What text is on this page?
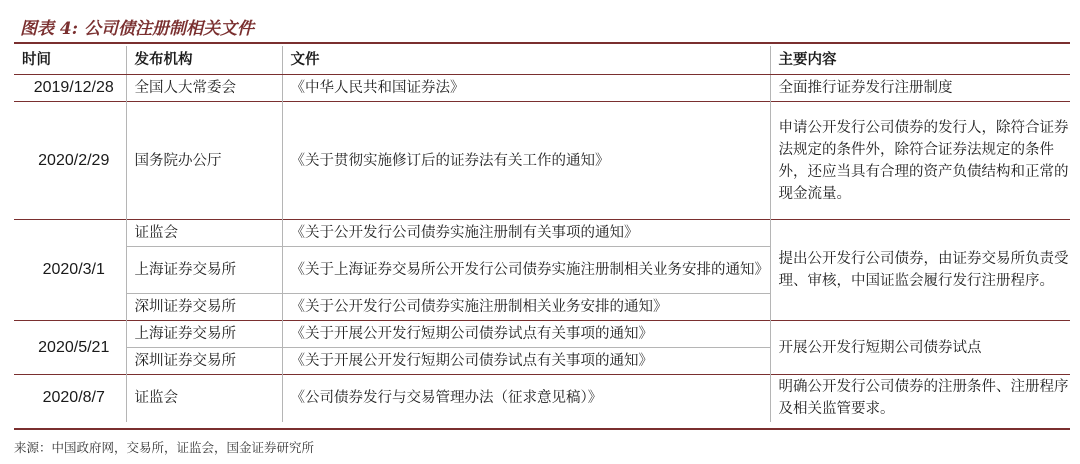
图表 4: 公司债注册制相关文件
时间	发布机构	文件	主要内容
2019/12/28	全国人大常委会	《中华人民共和国证券法》	全面推行证券发行注册制度
2020/2/29	国务院办公厅	《关于贯彻实施修订后的证券法有关工作的通知》	申请公开发行公司债券的发行人，除符合证券法规定的条件外，除符合证券法规定的条件外，还应当具有合理的资产负债结构和正常的现金流量。
2020/3/1	证监会	《关于公开发行公司债券实施注册制有关事项的通知》	提出公开发行公司债券，由证券交易所负责受理、审核，中国证监会履行发行注册程序。
	上海证券交易所	《关于上海证券交易所公开发行公司债券实施注册制相关业务安排的通知》	
	深圳证券交易所	《关于公开发行公司债券实施注册制相关业务安排的通知》	
2020/5/21	上海证券交易所	《关于开展公开发行短期公司债券试点有关事项的通知》	开展公开发行短期公司债券试点
	深圳证券交易所	《关于开展公开发行短期公司债券试点有关事项的通知》	
2020/8/7	证监会	《公司债券发行与交易管理办法（征求意见稿）》	明确公开发行公司债券的注册条件、注册程序及相关监管要求。
来源：中国政府网，交易所，证监会，国金证券研究所
